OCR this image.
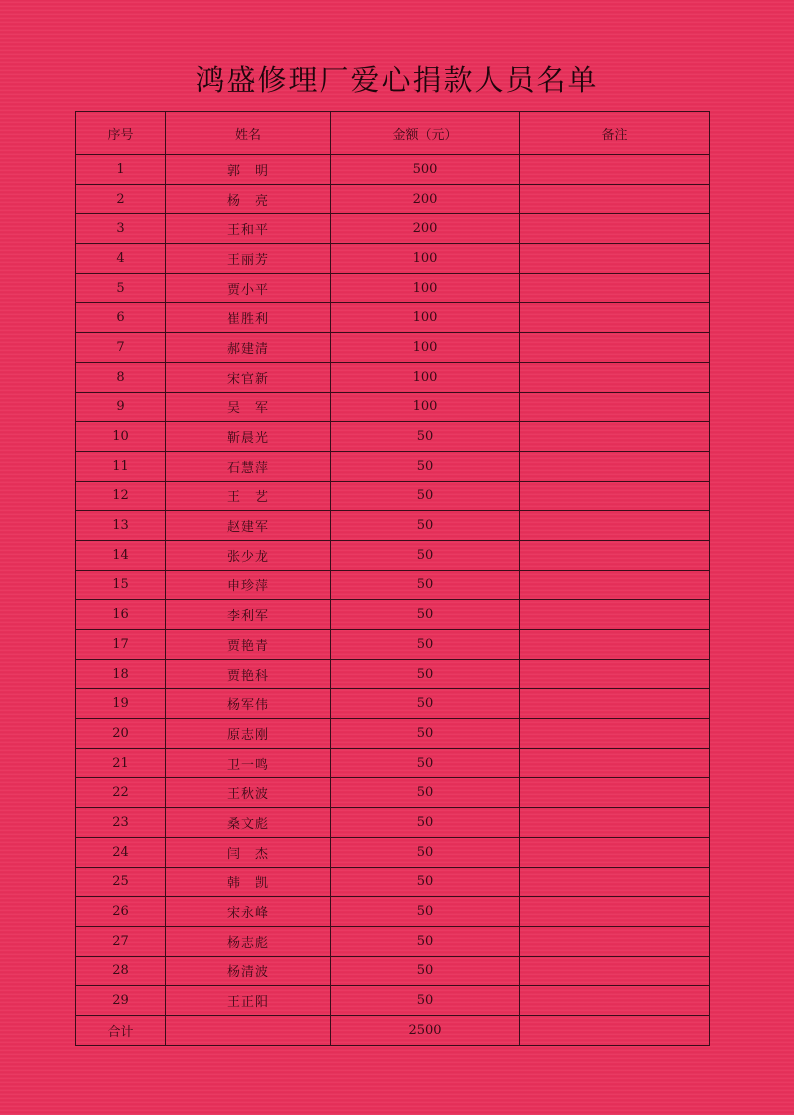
鸿盛修理厂爱心捐款人员名单
序号	姓名	金额（元）	备注
1	郭　明	500	
2	杨　亮	200	
3	王和平	200	
4	王丽芳	100	
5	贾小平	100	
6	崔胜利	100	
7	郝建清	100	
8	宋官新	100	
9	吴　军	100	
10	靳晨光	50	
11	石慧萍	50	
12	王　艺	50	
13	赵建军	50	
14	张少龙	50	
15	申珍萍	50	
16	李利军	50	
17	贾艳青	50	
18	贾艳科	50	
19	杨军伟	50	
20	原志刚	50	
21	卫一鸣	50	
22	王秋波	50	
23	桑文彪	50	
24	闫　杰	50	
25	韩　凯	50	
26	宋永峰	50	
27	杨志彪	50	
28	杨清波	50	
29	王正阳	50	
合计		2500	
